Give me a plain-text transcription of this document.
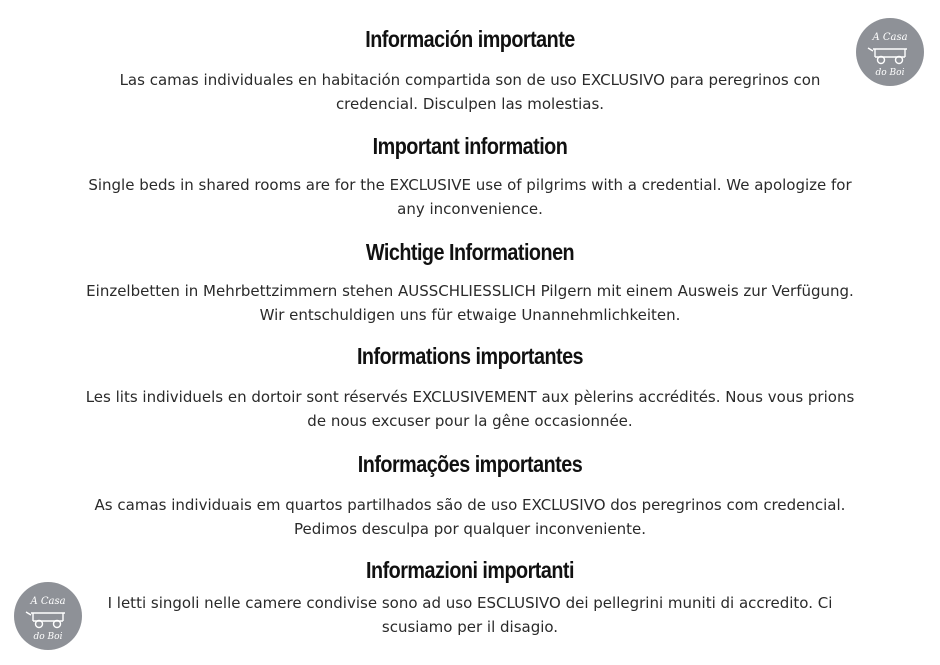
A Casa
do Boi
A Casa
do Boi
Información importante

Las camas individuales en habitación compartida son de uso EXCLUSIVO para peregrinos con
credencial. Disculpen las molestias.

Important information

Single beds in shared rooms are for the EXCLUSIVE use of pilgrims with a credential. We apologize for
any inconvenience.

Wichtige Informationen

Einzelbetten in Mehrbettzimmern stehen AUSSCHLIESSLICH Pilgern mit einem Ausweis zur Verfügung.
Wir entschuldigen uns für etwaige Unannehmlichkeiten.

Informations importantes

Les lits individuels en dortoir sont réservés EXCLUSIVEMENT aux pèlerins accrédités. Nous vous prions
de nous excuser pour la gêne occasionnée.

Informações importantes

As camas individuais em quartos partilhados são de uso EXCLUSIVO dos peregrinos com credencial.
Pedimos desculpa por qualquer inconveniente.

Informazioni importanti

I letti singoli nelle camere condivise sono ad uso ESCLUSIVO dei pellegrini muniti di accredito. Ci
scusiamo per il disagio.
